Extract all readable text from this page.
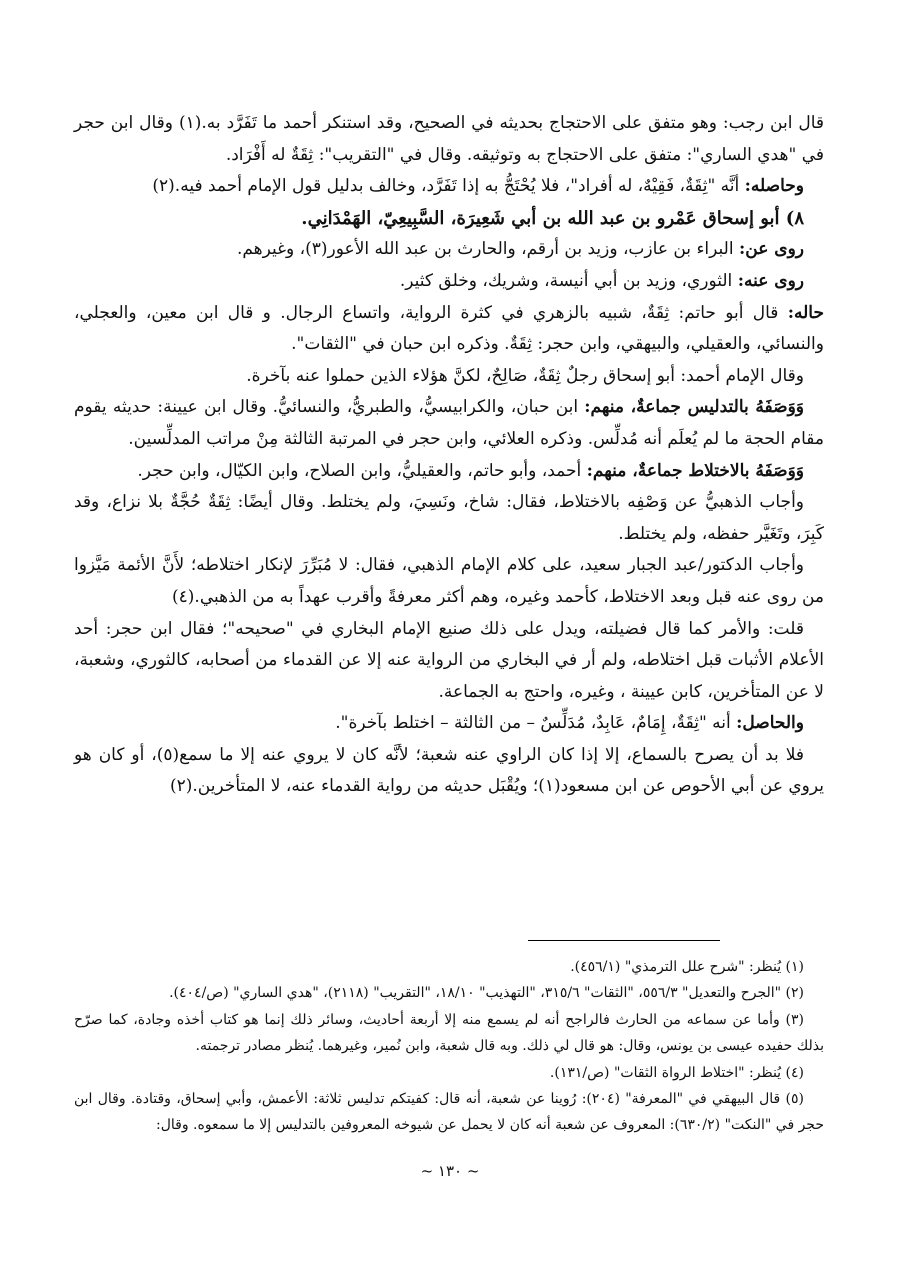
قال ابن رجب: وهو متفق على الاحتجاج بحديثه في الصحيح، وقد استنكر أحمد ما تَفَرَّد به.(١) وقال ابن حجر في "هدي الساري": متفق على الاحتجاج به وتوثيقه. وقال في "التقريب": ثِقَةٌ له أَفْرَاد.

وحاصله: أنَّه "ثِقَةٌ، فَقِيْهٌ، له أفراد"، فلا يُحْتَجُّ به إذا تَفَرَّد، وخالف بدليل قول الإمام أحمد فيه.(٢)

٨) أبو إسحاق عَمْرو بن عبد الله بن أبي شَعِيرَة، السَّبِيعِيّ، الهَمْدَانِي.

روى عن: البراء بن عازب، وزيد بن أرقم، والحارث بن عبد الله الأعور(٣)، وغيرهم.

روى عنه: الثوري، وزيد بن أبي أنيسة، وشريك، وخلق كثير.

حاله: قال أبو حاتم: ثِقَةٌ، شبيه بالزهري في كثرة الرواية، واتساع الرجال. و قال ابن معين، والعجلي، والنسائي، والعقيلي، والبيهقي، وابن حجر: ثِقَةٌ. وذكره ابن حبان في "الثقات".

وقال الإمام أحمد: أبو إسحاق رجلٌ ثِقَةٌ، صَالِحٌ، لكنَّ هؤلاء الذين حملوا عنه بآخرة.

وَوَصَفَهُ بالتدليس جماعةٌ، منهم: ابن حبان، والكرابيسيُّ، والطبريُّ، والنسائيُّ. وقال ابن عيينة: حديثه يقوم مقام الحجة ما لم يُعلَم أنه مُدلِّس. وذكره العلائي، وابن حجر في المرتبة الثالثة مِنْ مراتب المدلِّسين.

وَوَصَفَهُ بالاختلاط جماعةٌ، منهم: أحمد، وأبو حاتم، والعقيليُّ، وابن الصلاح، وابن الكيّال، وابن حجر.

وأجاب الذهبيُّ عن وَصْفِه بالاختلاط، فقال: شاخ، ونَسِيَ، ولم يختلط. وقال أيضًا: ثِقَةٌ حُجَّةٌ بلا نزاع، وقد كَبِرَ، وتَغَيَّر حفظه، ولم يختلط.

وأجاب الدكتور/عبد الجبار سعيد، على كلام الإمام الذهبي، فقال: لا مُبَرِّرَ لإنكار اختلاطه؛ لأَنَّ الأئمة مَيَّزوا من روى عنه قبل وبعد الاختلاط، كأحمد وغيره، وهم أكثر معرفةً وأقرب عهداً به من الذهبي.(٤)

قلت: والأمر كما قال فضيلته، ويدل على ذلك صنيع الإمام البخاري في "صحيحه"؛ فقال ابن حجر: أحد الأعلام الأثبات قبل اختلاطه، ولم أر في البخاري من الرواية عنه إلا عن القدماء من أصحابه، كالثوري، وشعبة، لا عن المتأخرين، كابن عيينة ، وغيره، واحتج به الجماعة.

والحاصل: أنه "ثِقَةٌ، إِمَامٌ، عَابِدٌ، مُدَلِّسٌ – من الثالثة – اختلط بآخرة".

فلا بد أن يصرح بالسماع، إلا إذا كان الراوي عنه شعبة؛ لأنَّه كان لا يروي عنه إلا ما سمع(٥)، أو كان هو يروي عن أبي الأحوص عن ابن مسعود(١)؛ ويُقْبَل حديثه من رواية القدماء عنه، لا المتأخرين.(٢)

(١) يُنظر: "شرح علل الترمذي" (٤٥٦/١).

(٢) "الجرح والتعديل" ٥٥٦/٣، "الثقات" ٣١٥/٦، "التهذيب" ١٨/١٠، "التقريب" (٢١١٨)، "هدي الساري" (ص/٤٠٤).

(٣) وأما عن سماعه من الحارث فالراجح أنه لم يسمع منه إلا أربعة أحاديث، وسائر ذلك إنما هو كتاب أخذه وجادة، كما صرّح بذلك حفيده عيسى بن يونس، وقال: هو قال لي ذلك. وبه قال شعبة، وابن نُمير، وغيرهما. يُنظر مصادر ترجمته.

(٤) يُنظر: "اختلاط الرواة الثقات" (ص/١٣١).

(٥) قال البيهقي في "المعرفة" (٢٠٤): رُوينا عن شعبة، أنه قال: كفيتكم تدليس ثلاثة: الأعمش، وأبي إسحاق، وقتادة. وقال ابن حجر في "النكت" (٦٣٠/٢): المعروف عن شعبة أنه كان لا يحمل عن شيوخه المعروفين بالتدليس إلا ما سمعوه. وقال:

~ ١٣٠ ~
